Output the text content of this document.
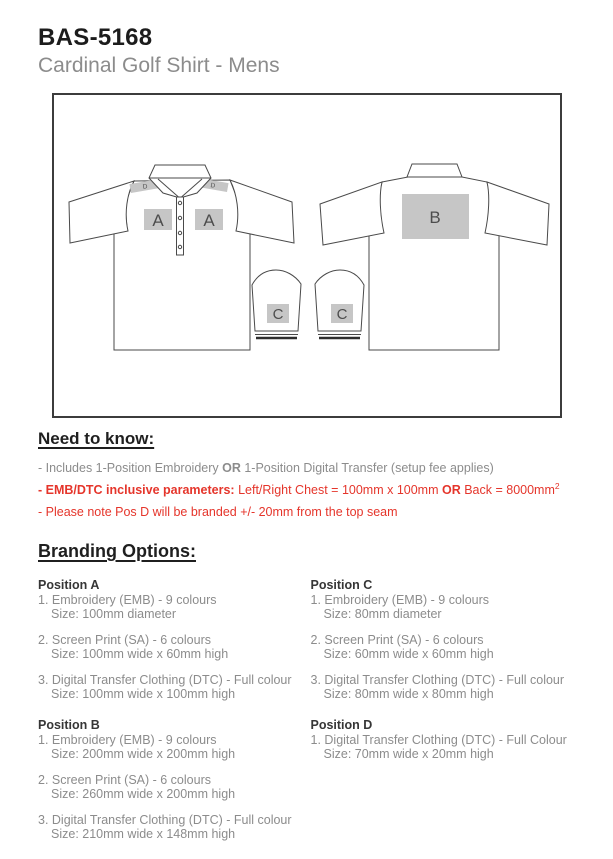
BAS-5168
Cardinal Golf Shirt - Mens
D	D
A A	B
C	C
Need to know:
- Includes 1-Position Embroidery OR 1-Position Digital Transfer (setup fee applies)
- EMB/DTC inclusive parameters: Left/Right Chest = 100mm x 100mm OR Back = $8000mm^2$
- Please note Pos D will be branded +/- 20mm from the top seam
Branding Options:
Position A
1. Embroidery (EMB) - 9 colours
Size: 100mm diameter
2. Screen Print (SA) - 6 colours
Size: 100mm wide x 60mm high
3. Digital Transfer Clothing (DTC) - Full colour
Size: 100mm wide x 100mm high
Position B
1. Embroidery (EMB) - 9 colours
Size: 200mm wide x 200mm high
2. Screen Print (SA) - 6 colours
Size: 260mm wide x 200mm high
3. Digital Transfer Clothing (DTC) - Full colour
Size: 210mm wide x 148mm high
Position C
1. Embroidery (EMB) - 9 colours
Size: 80mm diameter
2. Screen Print (SA) - 6 colours
Size: 60mm wide x 60mm high
3. Digital Transfer Clothing (DTC) - Full colour
Size: 80mm wide x 80mm high
Position D
1. Digital Transfer Clothing (DTC) - Full Colour
Size: 70mm wide x 20mm high
